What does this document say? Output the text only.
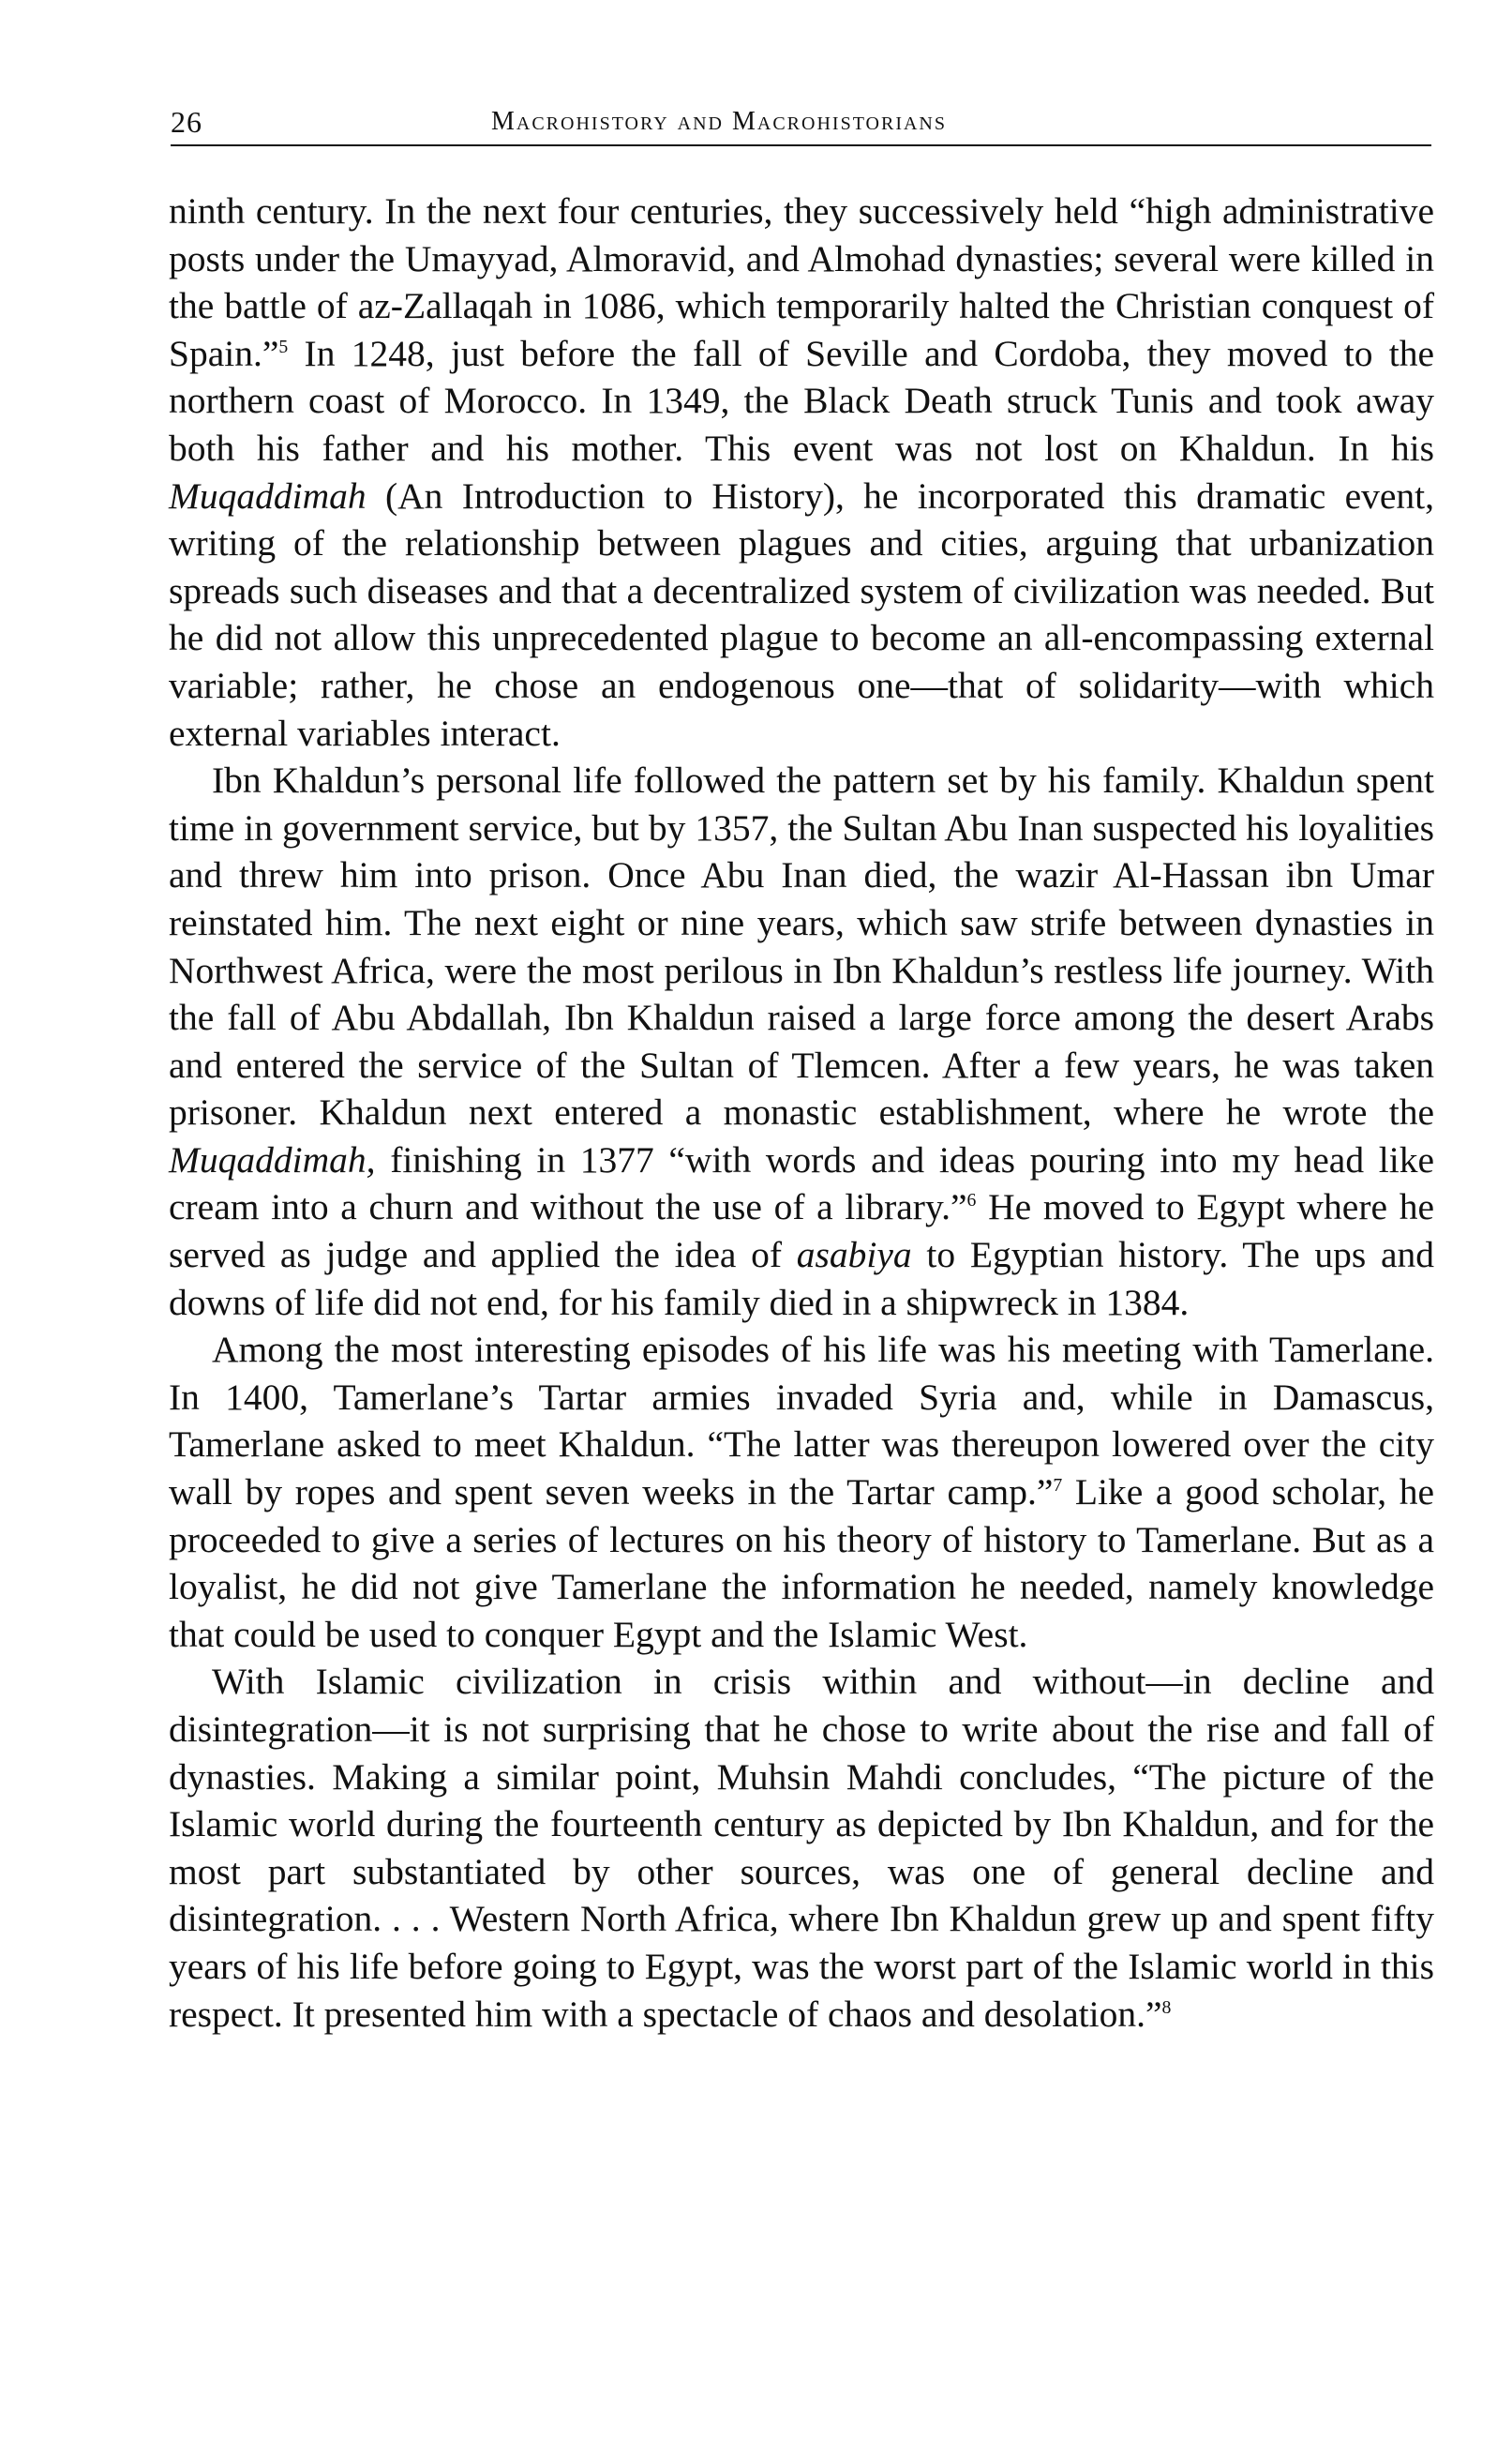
26	Macrohistory and Macrohistorians

ninth century. In the next four centuries, they successively held “high administrative posts under the Umayyad, Almoravid, and Almohad dynasties; several were killed in the battle of az-Zallaqah in 1086, which temporarily halted the Christian conquest of Spain.”$^5$ In 1248, just before the fall of Seville and Cordoba, they moved to the northern coast of Morocco. In 1349, the Black Death struck Tunis and took away both his father and his mother. This event was not lost on Khaldun. In his Muqaddimah (An Introduction to History), he incorporated this dramatic event, writing of the relationship between plagues and cities, arguing that urbanization spreads such diseases and that a decentralized system of civilization was needed. But he did not allow this unprecedented plague to become an all-encompassing external variable; rather, he chose an endogenous one—that of solidarity—with which external variables interact.

Ibn Khaldun’s personal life followed the pattern set by his family. Khaldun spent time in government service, but by 1357, the Sultan Abu Inan suspected his loyalities and threw him into prison. Once Abu Inan died, the wazir Al-Hassan ibn Umar reinstated him. The next eight or nine years, which saw strife between dynasties in Northwest Africa, were the most perilous in Ibn Khaldun’s restless life journey. With the fall of Abu Abdallah, Ibn Khaldun raised a large force among the desert Arabs and entered the service of the Sultan of Tlemcen. After a few years, he was taken prisoner. Khaldun next entered a monastic establishment, where he wrote the Muqaddimah, finishing in 1377 “with words and ideas pouring into my head like cream into a churn and without the use of a library.”$^6$ He moved to Egypt where he served as judge and applied the idea of asabiya to Egyptian history. The ups and downs of life did not end, for his family died in a shipwreck in 1384.

Among the most interesting episodes of his life was his meeting with Tamerlane. In 1400, Tamerlane’s Tartar armies invaded Syria and, while in Damascus, Tamerlane asked to meet Khaldun. “The latter was thereupon lowered over the city wall by ropes and spent seven weeks in the Tartar camp.”$^7$ Like a good scholar, he proceeded to give a series of lectures on his theory of history to Tamerlane. But as a loyalist, he did not give Tamerlane the information he needed, namely knowledge that could be used to conquer Egypt and the Islamic West.

With Islamic civilization in crisis within and without—in decline and disintegration—it is not surprising that he chose to write about the rise and fall of dynasties. Making a similar point, Muhsin Mahdi concludes, “The picture of the Islamic world during the fourteenth century as depicted by Ibn Khaldun, and for the most part substantiated by other sources, was one of general decline and disintegration. . . . Western North Africa, where Ibn Khaldun grew up and spent fifty years of his life before going to Egypt, was the worst part of the Islamic world in this respect. It presented him with a spectacle of chaos and desolation.”$^8$
